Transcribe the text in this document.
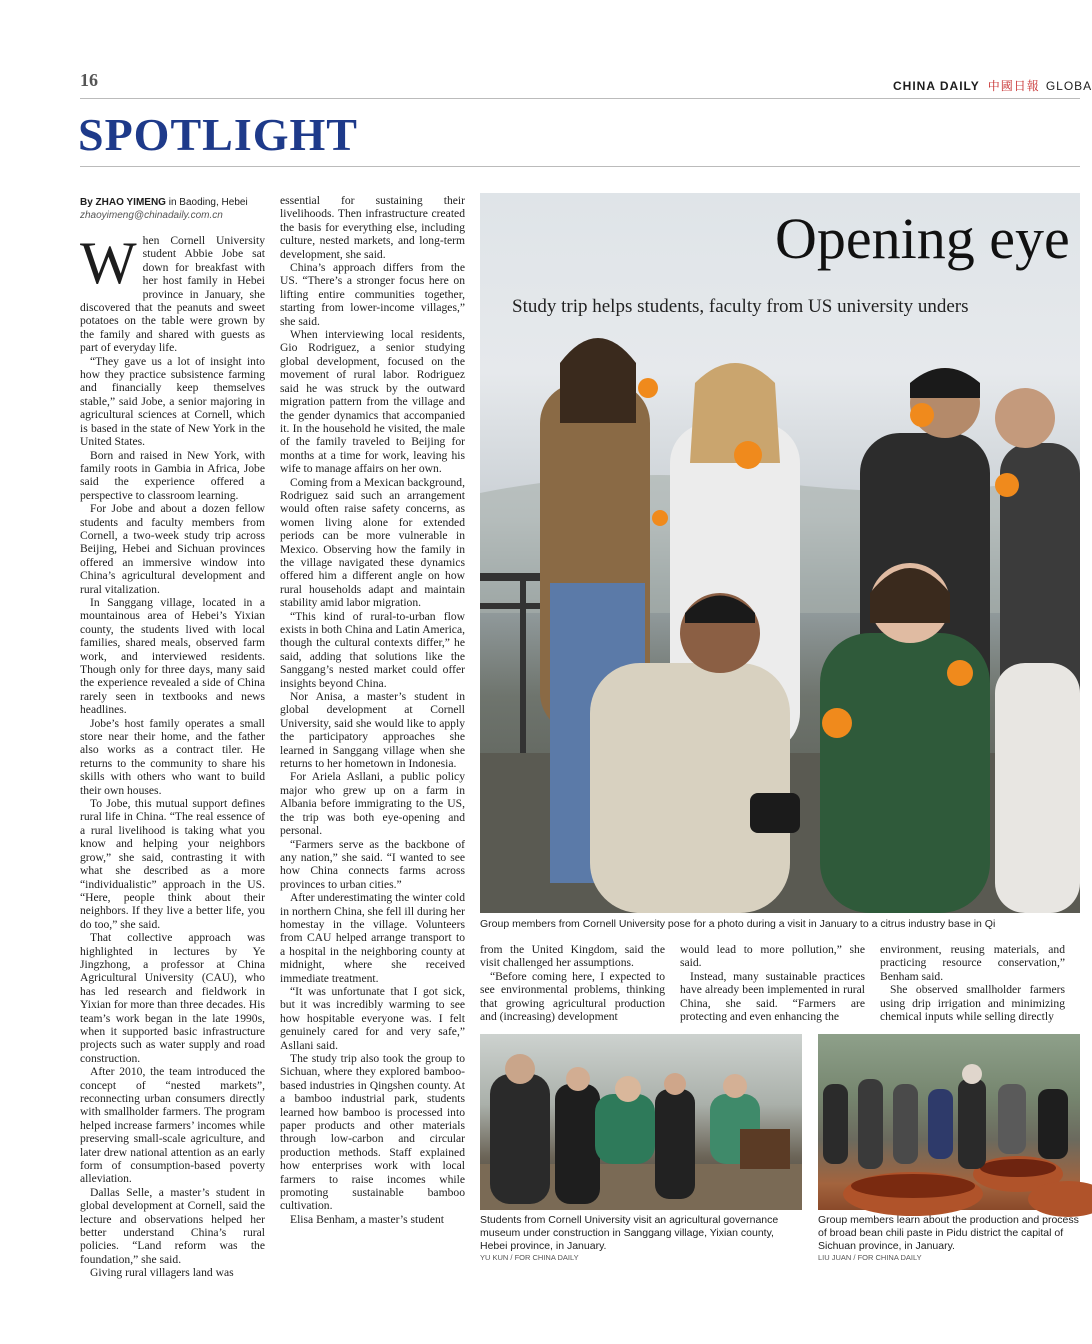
16	CHINA DAILY 中國日報 GLOBA
SPOTLIGHT
By ZHAO YIMENG in Baoding, Hebei
zhaoyimeng@chinadaily.com.cn

When Cornell University student Abbie Jobe sat down for breakfast with her host family in Hebei province in January, she discovered that the peanuts and sweet potatoes on the table were grown by the family and shared with guests as part of everyday life.

“They gave us a lot of insight into how they practice subsistence farming and financially keep themselves stable,” said Jobe, a senior majoring in agricultural sciences at Cornell, which is based in the state of New York in the United States.

Born and raised in New York, with family roots in Gambia in Africa, Jobe said the experience offered a perspective to classroom learning.

For Jobe and about a dozen fellow students and faculty members from Cornell, a two-week study trip across Beijing, Hebei and Sichuan provinces offered an immersive window into China’s agricultural development and rural vitalization.

In Sanggang village, located in a mountainous area of Hebei’s Yixian county, the students lived with local families, shared meals, observed farm work, and interviewed residents. Though only for three days, many said the experience revealed a side of China rarely seen in textbooks and news headlines.

Jobe’s host family operates a small store near their home, and the father also works as a contract tiler. He returns to the community to share his skills with others who want to build their own houses.

To Jobe, this mutual support defines rural life in China. “The real essence of a rural livelihood is taking what you know and helping your neighbors grow,” she said, contrasting it with what she described as a more “individualistic” approach in the US. “Here, people think about their neighbors. If they live a better life, you do too,” she said.

That collective approach was highlighted in lectures by Ye Jingzhong, a professor at China Agricultural University (CAU), who has led research and fieldwork in Yixian for more than three decades. His team’s work began in the late 1990s, when it supported basic infrastructure projects such as water supply and road construction.

After 2010, the team introduced the concept of “nested markets”, reconnecting urban consumers directly with smallholder farmers. The program helped increase farmers’ incomes while preserving small-scale agriculture, and later drew national attention as an early form of consumption-based poverty alleviation.

Dallas Selle, a master’s student in global development at Cornell, said the lecture and observations helped her better understand China’s rural policies. “Land reform was the foundation,” she said.

Giving rural villagers land was

essential for sustaining their livelihoods. Then infrastructure created the basis for everything else, including culture, nested markets, and long-term development, she said.

China’s approach differs from the US. “There’s a stronger focus here on lifting entire communities together, starting from lower-income villages,” she said.

When interviewing local residents, Gio Rodriguez, a senior studying global development, focused on the movement of rural labor. Rodriguez said he was struck by the outward migration pattern from the village and the gender dynamics that accompanied it. In the household he visited, the male of the family traveled to Beijing for months at a time for work, leaving his wife to manage affairs on her own.

Coming from a Mexican background, Rodriguez said such an arrangement would often raise safety concerns, as women living alone for extended periods can be more vulnerable in Mexico. Observing how the family in the village navigated these dynamics offered him a different angle on how rural households adapt and maintain stability amid labor migration.

“This kind of rural-to-urban flow exists in both China and Latin America, though the cultural contexts differ,” he said, adding that solutions like the Sanggang’s nested market could offer insights beyond China.

Nor Anisa, a master’s student in global development at Cornell University, said she would like to apply the participatory approaches she learned in Sanggang village when she returns to her hometown in Indonesia.

For Ariela Asllani, a public policy major who grew up on a farm in Albania before immigrating to the US, the trip was both eye-opening and personal.

“Farmers serve as the backbone of any nation,” she said. “I wanted to see how China connects farms across provinces to urban cities.”

After underestimating the winter cold in northern China, she fell ill during her homestay in the village. Volunteers from CAU helped arrange transport to a hospital in the neighboring county at midnight, where she received immediate treatment.

“It was unfortunate that I got sick, but it was incredibly warming to see how hospitable everyone was. I felt genuinely cared for and very safe,” Asllani said.

The study trip also took the group to Sichuan, where they explored bamboo-based industries in Qingshen county. At a bamboo industrial park, students learned how bamboo is processed into paper products and other materials through low-carbon and circular production methods. Staff explained how enterprises work with local farmers to raise incomes while promoting sustainable bamboo cultivation.

Elisa Benham, a master’s student

Opening eye
Study trip helps students, faculty from US university unders
Group members from Cornell University pose for a photo during a visit in January to a citrus industry base in Qi

from the United Kingdom, said the visit challenged her assumptions.

“Before coming here, I expected to see environmental problems, thinking that growing agricultural production and (increasing) development

would lead to more pollution,” she said.

Instead, many sustainable practices have already been implemented in rural China, she said. “Farmers are protecting and even enhancing the

environment, reusing materials, and practicing resource conservation,” Benham said.

She observed smallholder farmers using drip irrigation and minimizing chemical inputs while selling directly

Students from Cornell University visit an agricultural governance museum under construction in Sanggang village, Yixian county, Hebei province, in January.
YU KUN / FOR CHINA DAILY
Group members learn about the production and process of broad bean chili paste in Pidu district the capital of Sichuan province, in January.
LIU JUAN / FOR CHINA DAILY
